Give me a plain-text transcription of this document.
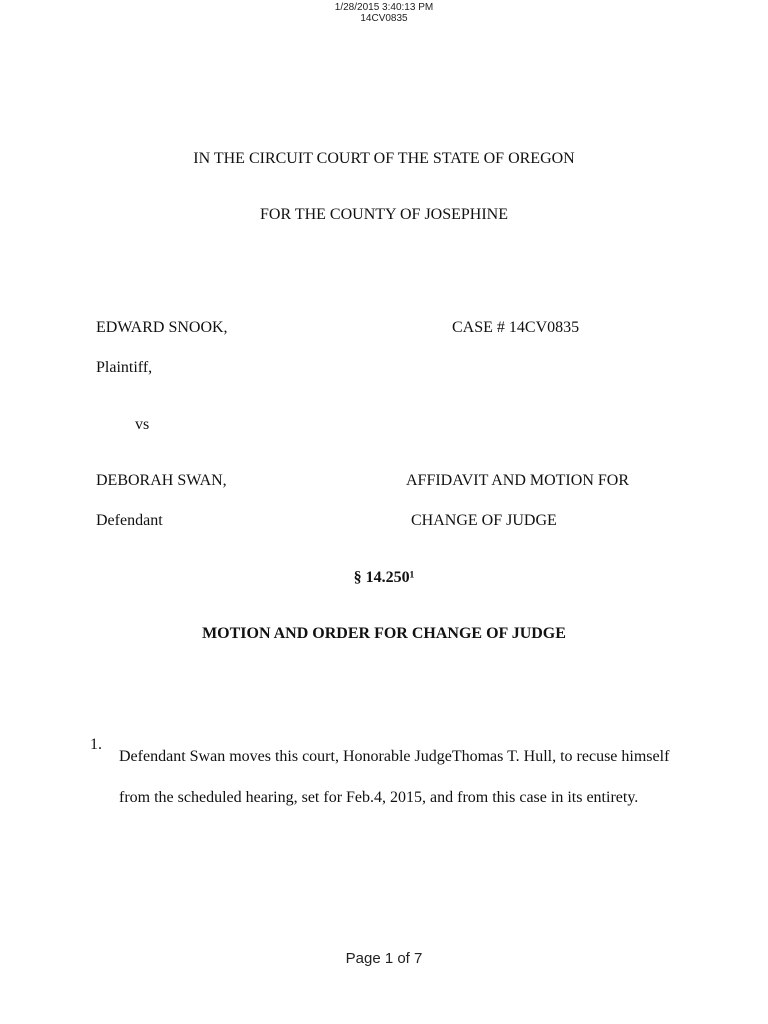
1/28/2015 3:40:13 PM
14CV0835
IN THE CIRCUIT COURT OF THE STATE OF OREGON
FOR THE COUNTY OF JOSEPHINE
EDWARD SNOOK,	CASE # 14CV0835
Plaintiff,
vs
DEBORAH SWAN,	AFFIDAVIT AND MOTION FOR
Defendant	CHANGE OF JUDGE
§ 14.250¹
MOTION AND ORDER FOR CHANGE OF JUDGE
1.
Defendant Swan moves this court, Honorable JudgeThomas T. Hull, to recuse himself from the scheduled hearing, set for Feb.4, 2015, and from this case in its entirety.
Page 1 of 7
